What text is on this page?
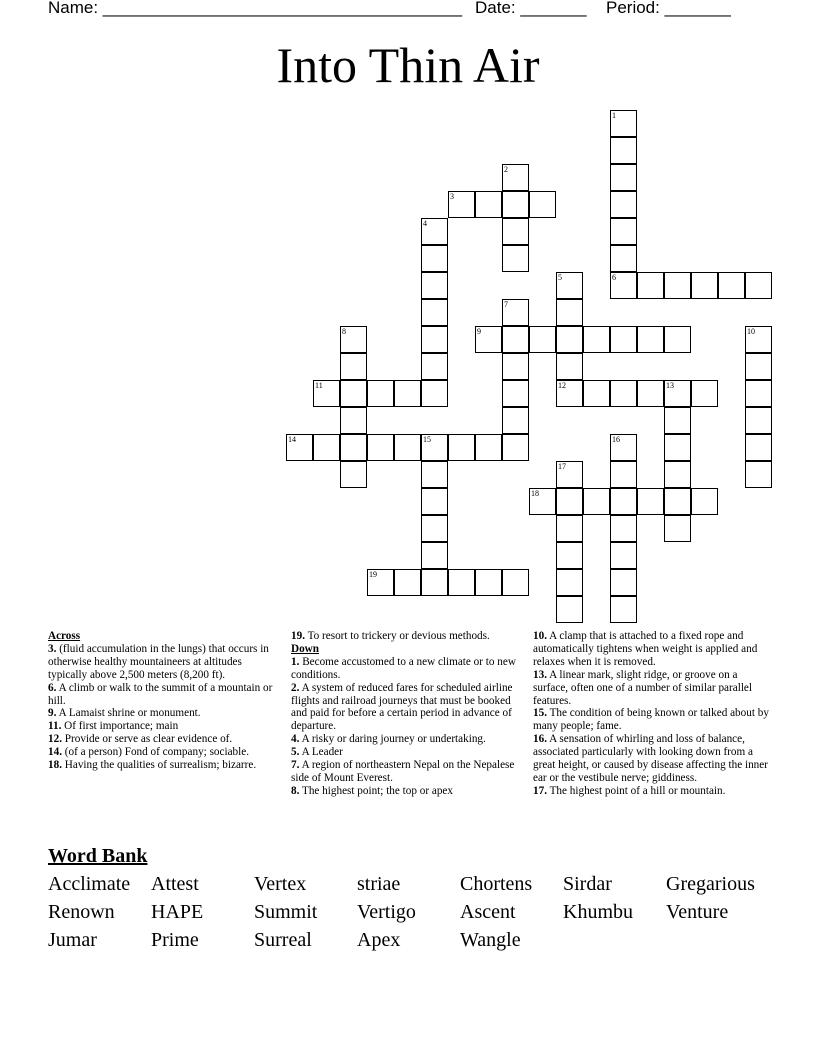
Name: ______________________________________ Date: _______ Period: _______
Into Thin Air
1
6
2
3
4
5
12
7
8	9	10
11	13
14	15	16
17
18
19
Across
3. (fluid accumulation in the lungs) that occurs in otherwise healthy mountaineers at altitudes typically above 2,500 meters (8,200 ft).
6. A climb or walk to the summit of a mountain or hill.
9. A Lamaist shrine or monument.
11. Of first importance; main
12. Provide or serve as clear evidence of.
14. (of a person) Fond of company; sociable.
18. Having the qualities of surrealism; bizarre.
19. To resort to trickery or devious methods.
Down
1. Become accustomed to a new climate or to new conditions.
2. A system of reduced fares for scheduled airline flights and railroad journeys that must be booked and paid for before a certain period in advance of departure.
4. A risky or daring journey or undertaking.
5. A Leader
7. A region of northeastern Nepal on the Nepalese side of Mount Everest.
8. The highest point; the top or apex
10. A clamp that is attached to a fixed rope and automatically tightens when weight is applied and relaxes when it is removed.
13. A linear mark, slight ridge, or groove on a surface, often one of a number of similar parallel features.
15. The condition of being known or talked about by many people; fame.
16. A sensation of whirling and loss of balance, associated particularly with looking down from a great height, or caused by disease affecting the inner ear or the vestibule nerve; giddiness.
17. The highest point of a hill or mountain.
Word Bank
Acclimate Attest	Vertex	striae	Chortens Sirdar	Gregarious
Renown HAPE	Summit Vertigo Ascent Khumbu Venture
Jumar	Prime	Surreal Apex	Wangle
